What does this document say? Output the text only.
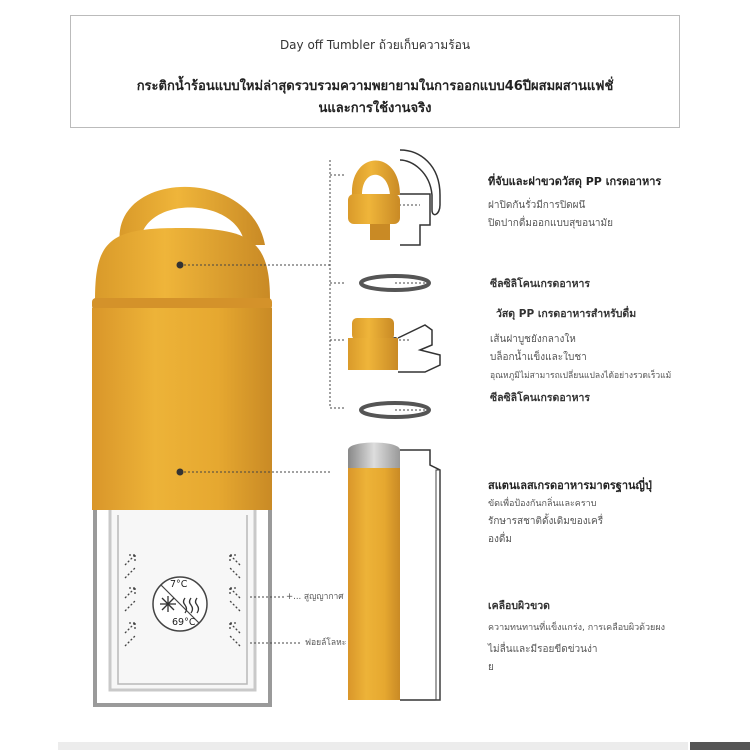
Day off Tumbler ถ้วยเก็บความร้อน
กระติกน้ำร้อนแบบใหม่ล่าสุดรวบรวมความพยายามในการออกแบบ46ปีผสมผสานแฟชั่
นและการใช้งานจริง
ที่จับและฝาขวดวัสดุ PP เกรดอาหาร
ฝาปิดกันรั่วมีการปิดผนึ
ปิดปากดื่มออกแบบสุขอนามัย
ซีลซิลิโคนเกรดอาหาร
วัสดุ PP เกรดอาหารสำหรับดื่ม
เส้นฝาบูชยังกลางให
บล็อกน้ำแข็งและใบชา
อุณหภูมิไม่สามารถเปลี่ยนแปลงได้อย่างรวดเร็วแม้
ซีลซิลิโคนเกรดอาหาร
สแตนเลสเกรดอาหารมาตรฐานญี่ปุ่
ขัดเพื่อป้องกันกลิ่นและคราบ
รักษารสชาติดั้งเดิมของเครื่
องดื่ม
เคลือบผิวขวด
ความทนทานที่แข็งแกร่ง, การเคลือบผิวด้วยผง
ไม่ลื่นและมีรอยขีดข่วนง่า
ย
+... สูญญากาศ
ฟอยล์โลหะ
7°C
69°C
